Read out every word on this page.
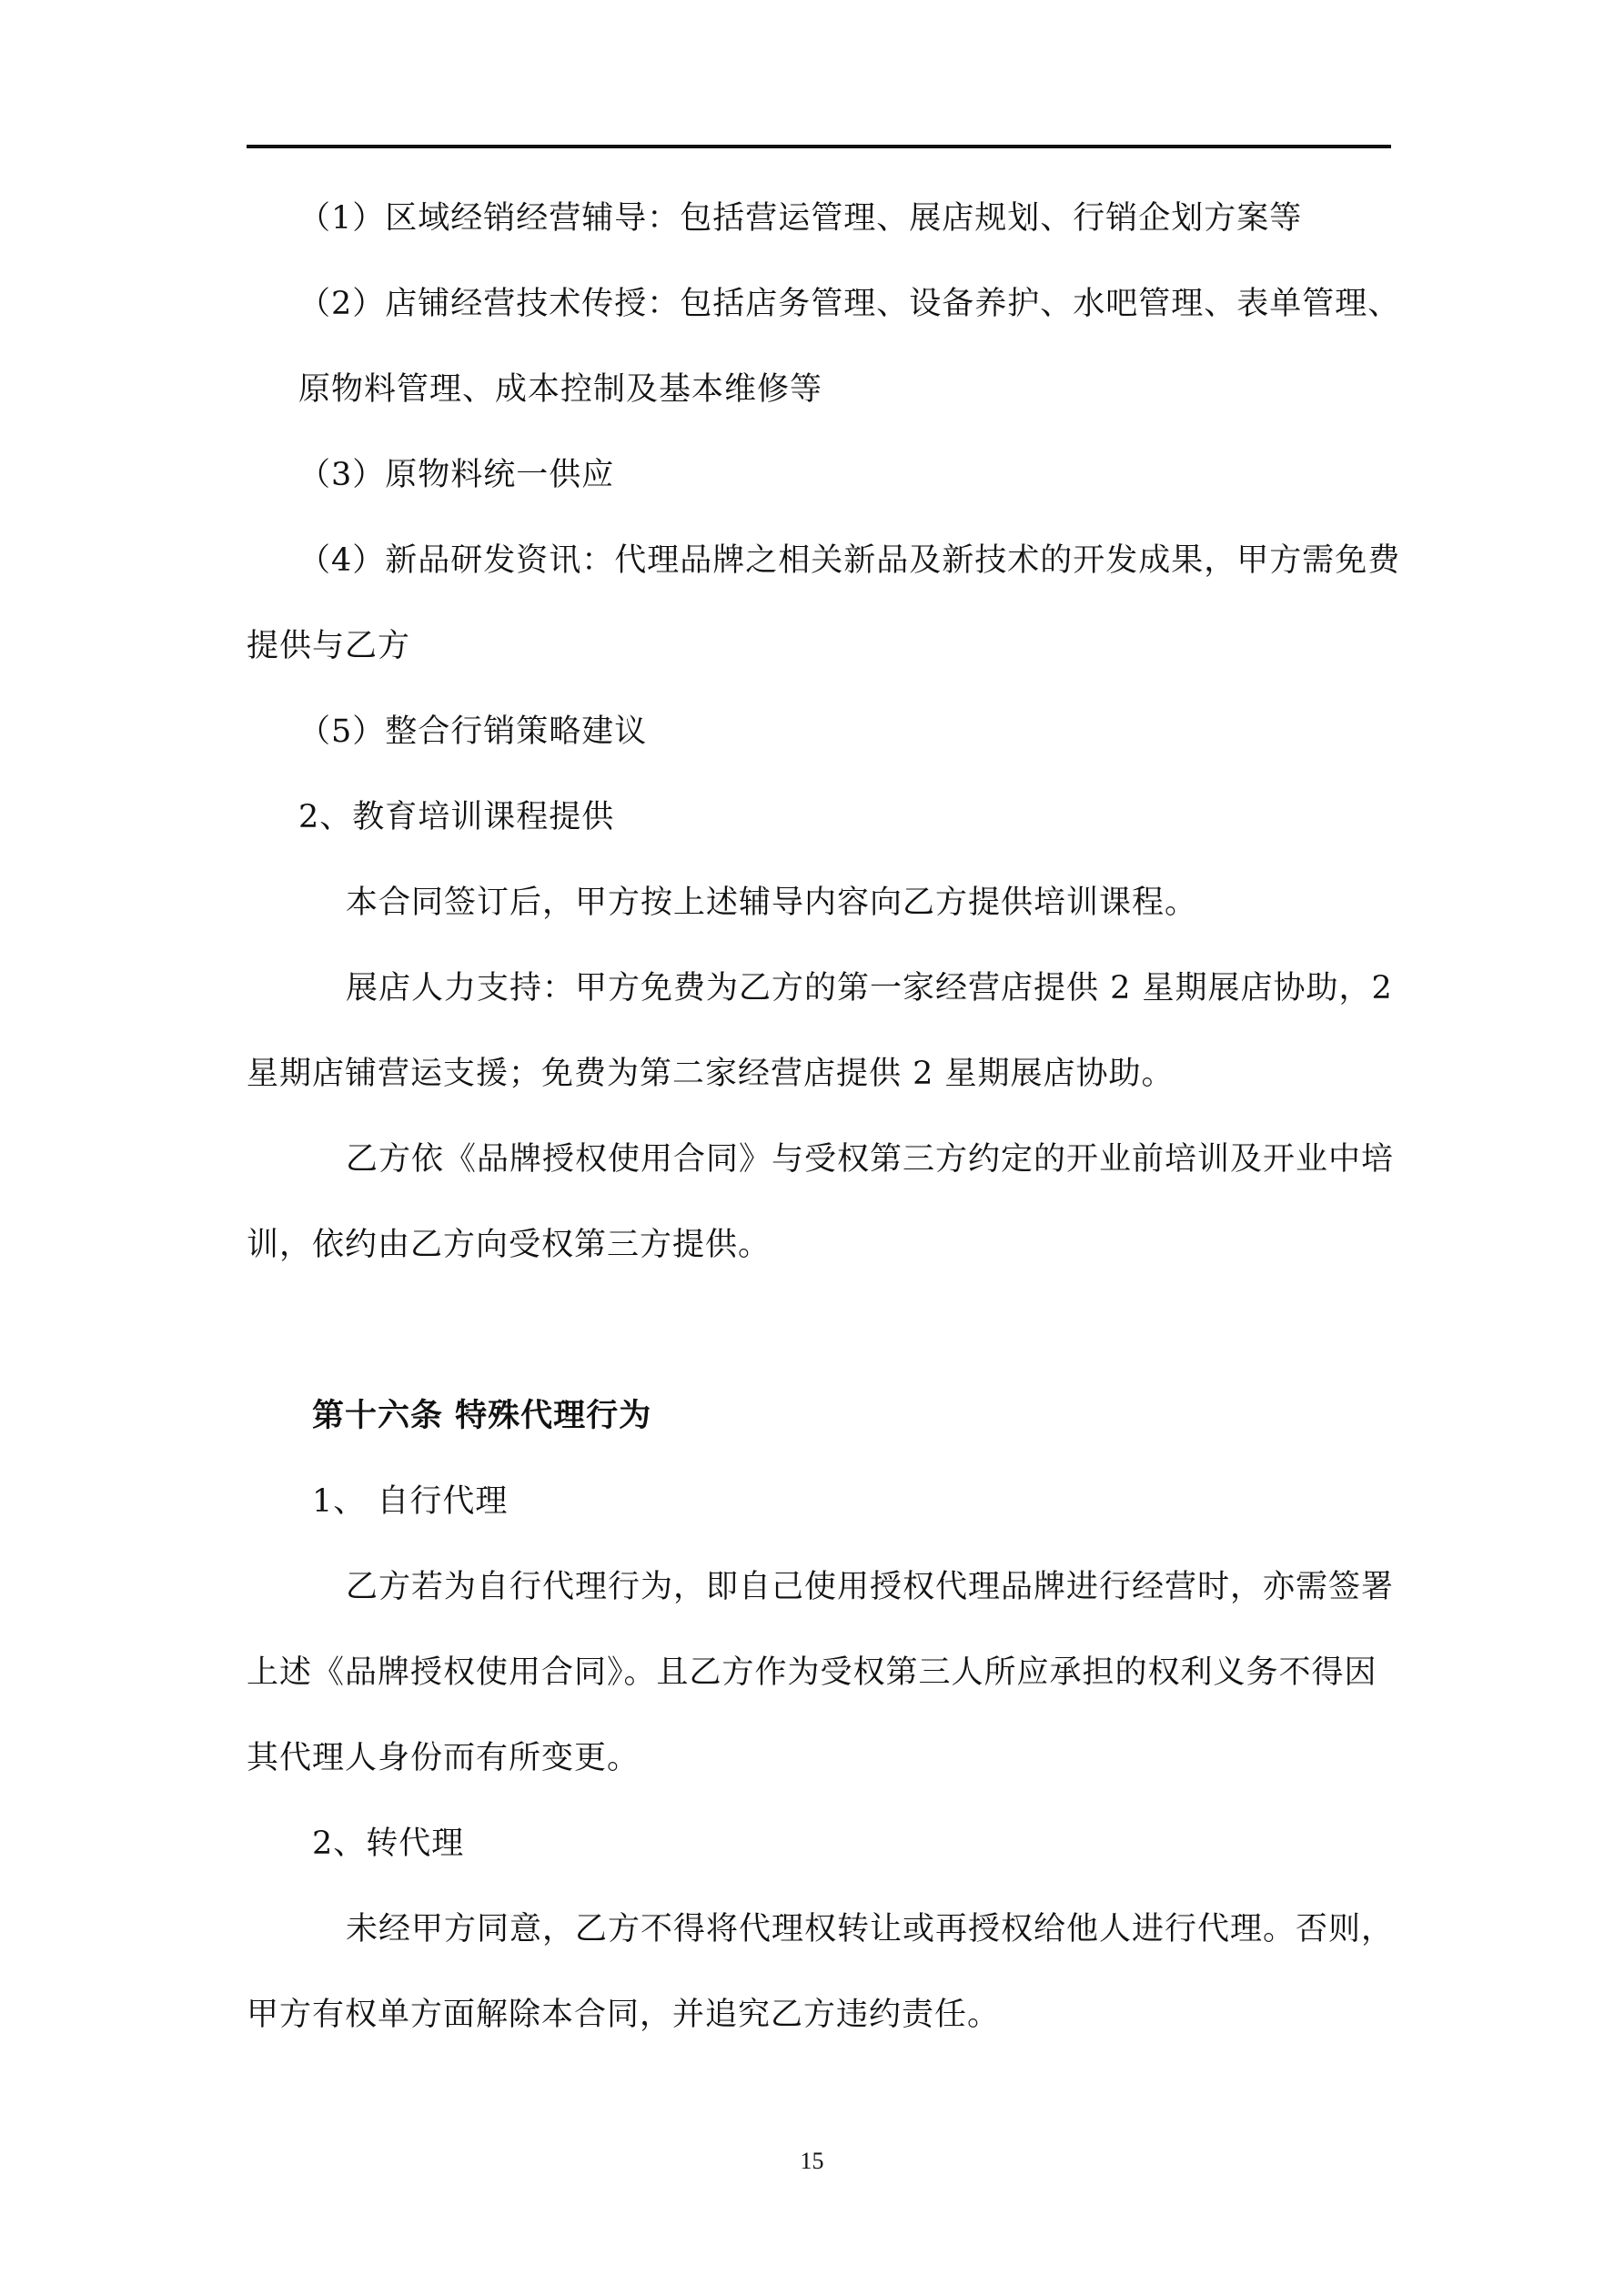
（1）区域经销经营辅导：包括营运管理、展店规划、行销企划方案等
（2）店铺经营技术传授：包括店务管理、设备养护、水吧管理、表单管理、
原物料管理、成本控制及基本维修等
（3）原物料统一供应
（4）新品研发资讯：代理品牌之相关新品及新技术的开发成果，甲方需免费
提供与乙方
（5）整合行销策略建议
2、教育培训课程提供
本合同签订后，甲方按上述辅导内容向乙方提供培训课程。
展店人力支持：甲方免费为乙方的第一家经营店提供 2 星期展店协助，2
星期店铺营运支援；免费为第二家经营店提供 2 星期展店协助。
乙方依《品牌授权使用合同》与受权第三方约定的开业前培训及开业中培
训，依约由乙方向受权第三方提供。
第十六条 特殊代理行为
1、 自行代理
乙方若为自行代理行为，即自己使用授权代理品牌进行经营时，亦需签署
上述《品牌授权使用合同》。且乙方作为受权第三人所应承担的权利义务不得因
其代理人身份而有所变更。
2、转代理
未经甲方同意，乙方不得将代理权转让或再授权给他人进行代理。否则，
甲方有权单方面解除本合同，并追究乙方违约责任。
15
